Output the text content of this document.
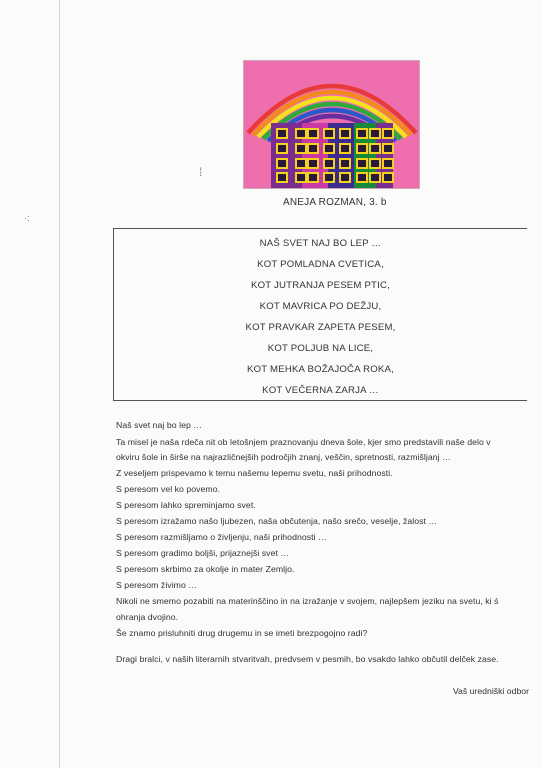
·:
⁞
ANEJA ROZMAN, 3. b
NAŠ SVET NAJ BO LEP …
KOT POMLADNA CVETICA,
KOT JUTRANJA PESEM PTIC,
KOT MAVRICA PO DEŽJU,
KOT PRAVKAR ZAPETA PESEM,
KOT POLJUB NA LICE,
KOT MEHKA BOŽAJOČA ROKA,
KOT VEČERNA ZARJA …
Naš svet naj bo lep …
Ta misel je naša rdeča nit ob letošnjem praznovanju dneva šole, kjer smo predstavili naše delo v
okviru šole in širše na najrazličnejših področjih znanj, veščin, spretnosti, razmišljanj …
Z veseljem prispevamo k temu našemu lepemu svetu, naši prihodnosti.
S peresom vel ko povemo.
S peresom lahko spreminjamo svet.
S peresom izražamo našo ljubezen, naša občutenja, našo srečo, veselje, žalost …
S peresom razmišljamo o življenju, naši prihodnosti …
S peresom gradimo boljši, prijaznejši svet …
S peresom skrbimo za okolje in mater Zemljo.
S peresom živimo …
Nikoli ne smemo pozabiti na materinščino in na izražanje v svojem, najlepšem jeziku na svetu, ki ś
ohranja dvojino.
Še znamo prisluhniti drug drugemu in se imeti brezpogojno radi?
Dragi bralci, v naših literarnih stvaritvah, predvsem v pesmih, bo vsakdo lahko občutil delček zase.
Vaš uredniški odbor
